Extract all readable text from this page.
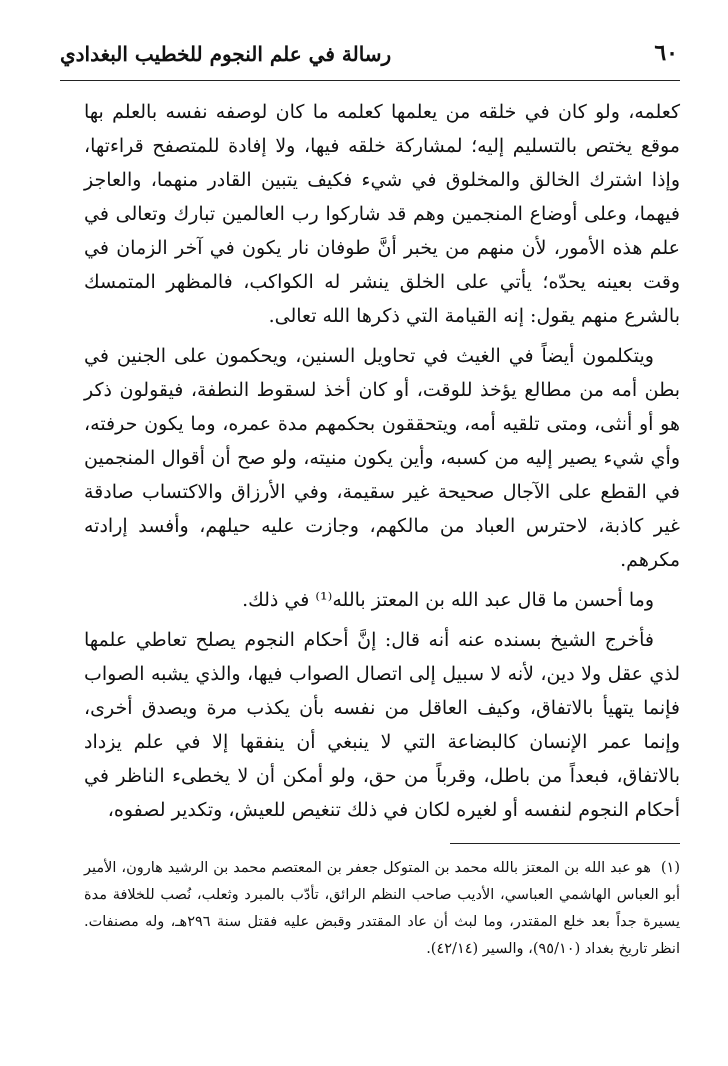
٦٠
رسالة في علم النجوم للخطيب البغدادي

كعلمه، ولو كان في خلقه من يعلمها كعلمه ما كان لوصفه نفسه بالعلم بها موقع يختص بالتسليم إليه؛ لمشاركة خلقه فيها، ولا إفادة للمتصفح قراءتها، وإذا اشترك الخالق والمخلوق في شيء فكيف يتبين القادر منهما، والعاجز فيهما، وعلى أوضاع المنجمين وهم قد شاركوا رب العالمين تبارك وتعالى في علم هذه الأمور، لأن منهم من يخبر أنَّ طوفان نار يكون في آخر الزمان في وقت بعينه يحدّه؛ يأتي على الخلق ينشر له الكواكب، فالمظهر المتمسك بالشرع منهم يقول: إنه القيامة التي ذكرها الله تعالى.

ويتكلمون أيضاً في الغيث في تحاويل السنين، ويحكمون على الجنين في بطن أمه من مطالع يؤخذ للوقت، أو كان أخذ لسقوط النطفة، فيقولون ذكر هو أو أنثى، ومتى تلقيه أمه، ويتحققون بحكمهم مدة عمره، وما يكون حرفته، وأي شيء يصير إليه من كسبه، وأين يكون منيته، ولو صح أن أقوال المنجمين في القطع على الآجال صحيحة غير سقيمة، وفي الأرزاق والاكتساب صادقة غير كاذبة، لاحترس العباد من مالكهم، وجازت عليه حيلهم، وأفسد إرادته مكرهم.

وما أحسن ما قال عبد الله بن المعتز بالله⁽¹⁾ في ذلك.

فأخرج الشيخ بسنده عنه أنه قال: إنَّ أحكام النجوم يصلح تعاطي علمها لذي عقل ولا دين، لأنه لا سبيل إلى اتصال الصواب فيها، والذي يشبه الصواب فإنما يتهيأ بالاتفاق، وكيف العاقل من نفسه بأن يكذب مرة ويصدق أخرى، وإنما عمر الإنسان كالبضاعة التي لا ينبغي أن ينفقها إلا في علم يزداد بالاتفاق، فبعداً من باطل، وقرباً من حق، ولو أمكن أن لا يخطىء الناظر في أحكام النجوم لنفسه أو لغيره لكان في ذلك تنغيص للعيش، وتكدير لصفوه،

(١)هو عبد الله بن المعتز بالله محمد بن المتوكل جعفر بن المعتصم محمد بن الرشيد هارون، الأمير أبو العباس الهاشمي العباسي، الأديب صاحب النظم الرائق، تأدّب بالمبرد وثعلب، نُصب للخلافة مدة يسيرة جداً بعد خلع المقتدر، وما لبث أن عاد المقتدر وقبض عليه فقتل سنة ٢٩٦هـ، وله مصنفات. انظر تاريخ بغداد (٩٥/١٠)، والسير (٤٢/١٤).
